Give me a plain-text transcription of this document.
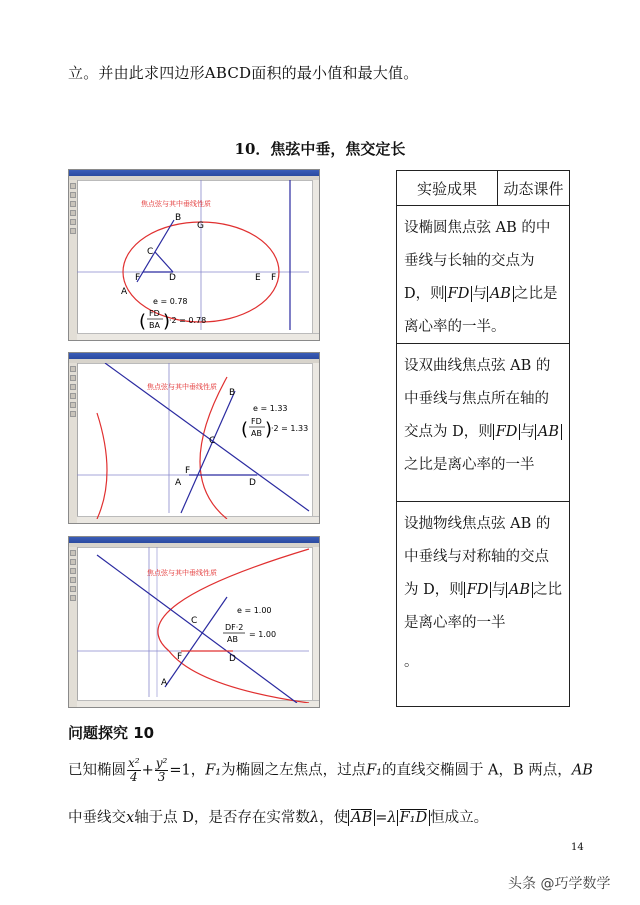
立。并由此求四边形ABCD面积的最小值和最大值。
10．焦弦中垂，焦交定长
焦点弦与其中垂线性质
B
G
C
F	D
A
E F
e = 0.78
( FD
BA )
·2 = 0.78
焦点弦与其中垂线性质
B
C
F
A	D
e = 1.33
( FD
AB )
·2 = 1.33
焦点弦与其中垂线性质
C
F
A
D
e = 1.00
DF·2
AB
= 1.00
实验成果	动态课件
设椭圆焦点弦 AB 的中垂线与长轴的交点为 D，则 FD 与 AB 之比是离心率的一半。
设双曲线焦点弦 AB 的中垂线与焦点所在轴的交点为 D，则 FD 与 AB之比是离心率的一半
设抛物线焦点弦 AB 的中垂线与对称轴的交点为 D，则 FD 与 AB 之比是离心率的一半
。
问题探究 10
已知椭圆 $\frac{\text{x²}}{4} + \frac{\text{y²}}{3} =1$，F₁为椭圆之左焦点，过点F₁的直线交椭圆于 A，B 两点，AB
中垂线交x轴于点 D，是否存在实常数λ，使 AB =λ F₁D 恒成立。
14
头条 @巧学数学
